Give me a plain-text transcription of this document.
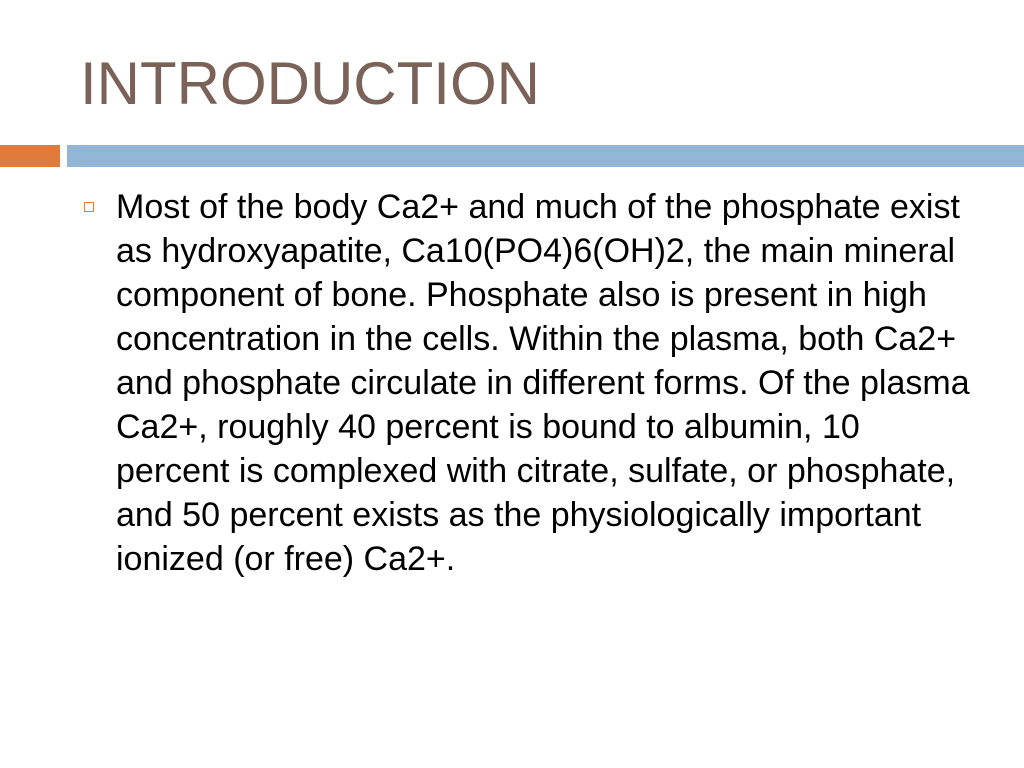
INTRODUCTION
Most of the body Ca2+ and much of the phosphate exist as hydroxyapatite, Ca10(PO4)6(OH)2, the main mineral component of bone. Phosphate also is present in high concentration in the cells. Within the plasma, both Ca2+ and phosphate circulate in different forms. Of the plasma Ca2+, roughly 40 percent is bound to albumin, 10 percent is complexed with citrate, sulfate, or phosphate, and 50 percent exists as the physiologically important ionized (or free) Ca2+.
